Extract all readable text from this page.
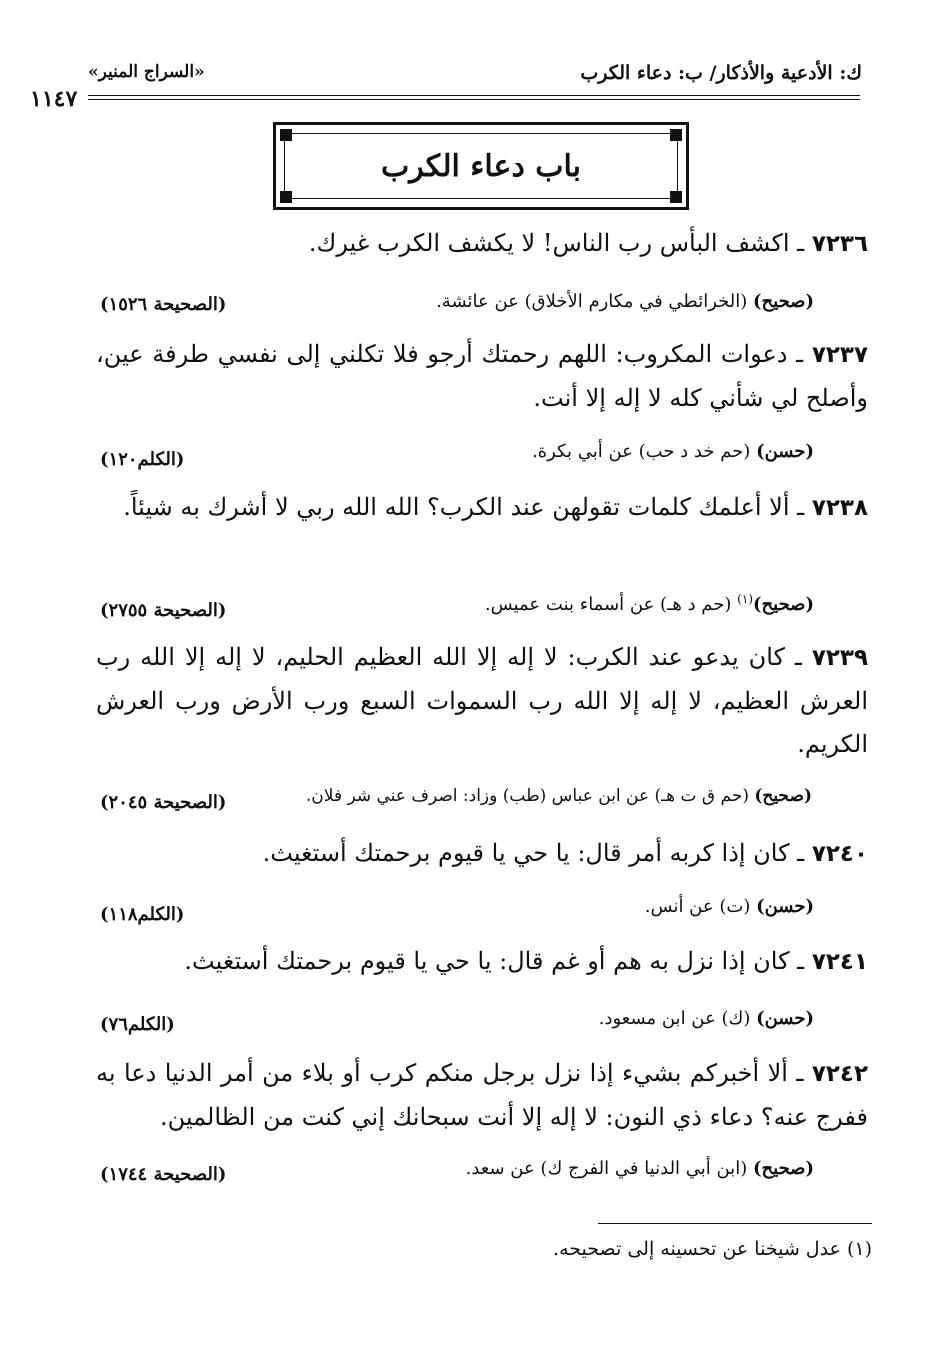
ك: الأدعية والأذكار/ ب: دعاء الكرب
«السراج المنير»
١١٤٧
باب دعاء الكرب
٧٢٣٦ ـ اكشف البأس رب الناس! لا يكشف الكرب غيرك.
(صحيح) (الخرائطي في مكارم الأخلاق) عن عائشة.
(الصحيحة ١٥٢٦)
٧٢٣٧ ـ دعوات المكروب: اللهم رحمتك أرجو فلا تكلني إلى نفسي طرفة عين، وأصلح لي شأني كله لا إله إلا أنت.
(حسن) (حم خد د حب) عن أبي بكرة.
(الكلم١٢٠)
٧٢٣٨ ـ ألا أعلمك كلمات تقولهن عند الكرب؟ الله الله ربي لا أشرك به شيئاً.
(صحيح)$^{(١)}$ (حم د هـ) عن أسماء بنت عميس.
(الصحيحة ٢٧٥٥)
٧٢٣٩ ـ كان يدعو عند الكرب: لا إله إلا الله العظيم الحليم، لا إله إلا الله رب العرش العظيم، لا إله إلا الله رب السموات السبع ورب الأرض ورب العرش الكريم.
(صحيح) (حم ق ت هـ) عن ابن عباس (طب) وزاد: اصرف عني شر فلان.
(الصحيحة ٢٠٤٥)
٧٢٤٠ ـ كان إذا كربه أمر قال: يا حي يا قيوم برحمتك أستغيث.
(حسن) (ت) عن أنس.
(الكلم١١٨)
٧٢٤١ ـ كان إذا نزل به هم أو غم قال: يا حي يا قيوم برحمتك أستغيث.
(حسن) (ك) عن ابن مسعود.
(الكلم٧٦)
٧٢٤٢ ـ ألا أخبركم بشيء إذا نزل برجل منكم كرب أو بلاء من أمر الدنيا دعا به ففرج عنه؟ دعاء ذي النون: لا إله إلا أنت سبحانك إني كنت من الظالمين.
(صحيح) (ابن أبي الدنيا في الفرج ك) عن سعد.
(الصحيحة ١٧٤٤)
(١) عدل شيخنا عن تحسينه إلى تصحيحه.
